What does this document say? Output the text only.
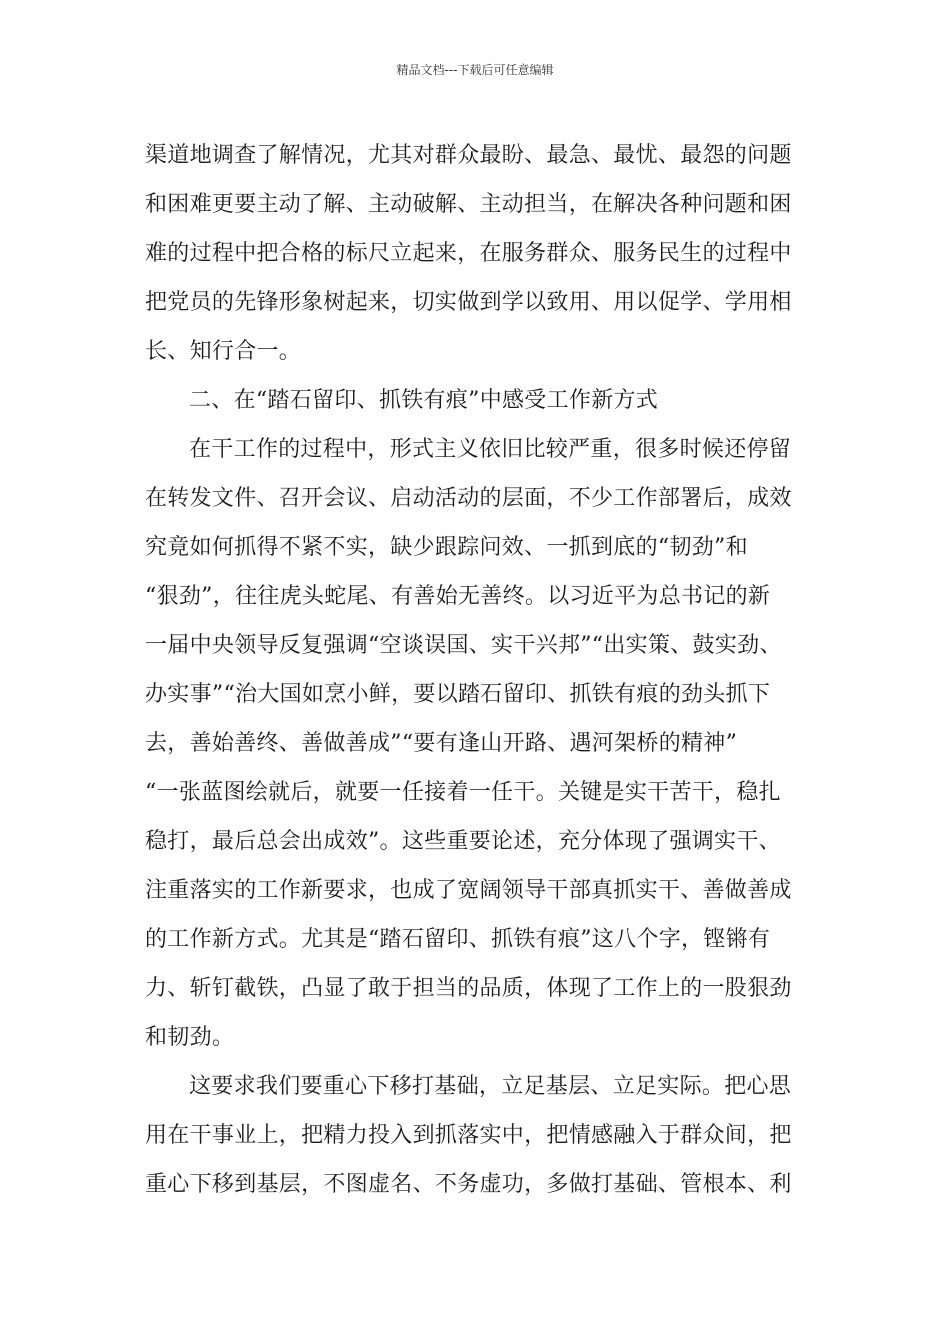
精品文档---下载后可任意编辑
渠道地调查了解情况，尤其对群众最盼、最急、最忧、最怨的问题
和困难更要主动了解、主动破解、主动担当，在解决各种问题和困
难的过程中把合格的标尺立起来，在服务群众、服务民生的过程中
把党员的先锋形象树起来，切实做到学以致用、用以促学、学用相
长、知行合一。
二、在“踏石留印、抓铁有痕”中感受工作新方式
在干工作的过程中，形式主义依旧比较严重，很多时候还停留
在转发文件、召开会议、启动活动的层面，不少工作部署后，成效
究竟如何抓得不紧不实，缺少跟踪问效、一抓到底的“韧劲”和
“狠劲”，往往虎头蛇尾、有善始无善终。以习近平为总书记的新
一届中央领导反复强调“空谈误国、实干兴邦”“出实策、鼓实劲、
办实事”“治大国如烹小鲜，要以踏石留印、抓铁有痕的劲头抓下
去，善始善终、善做善成”“要有逢山开路、遇河架桥的精神”
“一张蓝图绘就后，就要一任接着一任干。关键是实干苦干，稳扎
稳打，最后总会出成效”。这些重要论述，充分体现了强调实干、
注重落实的工作新要求，也成了宽阔领导干部真抓实干、善做善成
的工作新方式。尤其是“踏石留印、抓铁有痕”这八个字，铿锵有
力、斩钉截铁，凸显了敢于担当的品质，体现了工作上的一股狠劲
和韧劲。
这要求我们要重心下移打基础，立足基层、立足实际。把心思
用在干事业上，把精力投入到抓落实中，把情感融入于群众间，把
重心下移到基层，不图虚名、不务虚功，多做打基础、管根本、利
